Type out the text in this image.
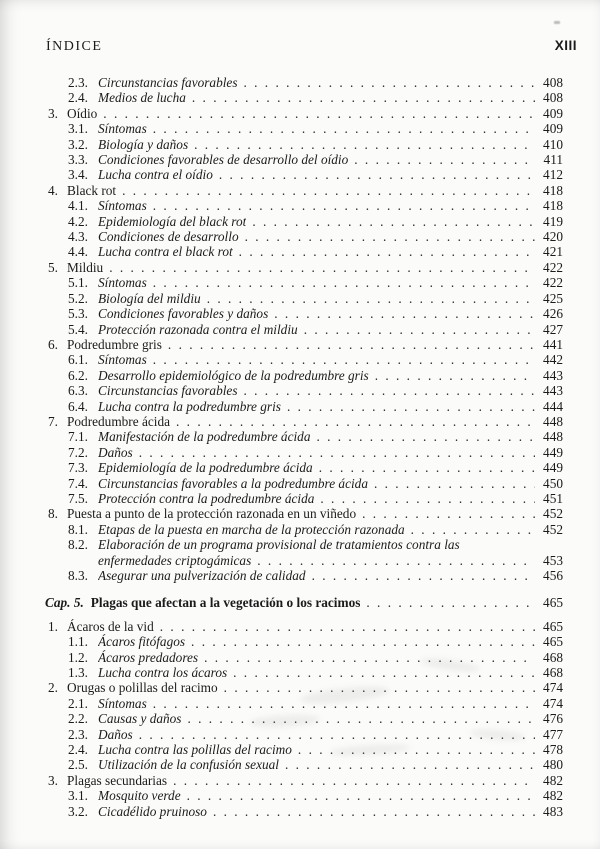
ÍNDICE	XIII
2.3. Circunstancias favorables . . .	408
2.4. Medios de lucha . . .	408
3. Oídio . . .	409
3.1. Síntomas . . .	409
3.2. Biología y daños . . .	410
3.3. Condiciones favorables de desarrollo del oídio . . .	411
3.4. Lucha contra el oídio . . .	412
4. Black rot . . .	418
4.1. Síntomas . . .	418
4.2. Epidemiología del black rot . . .	419
4.3. Condiciones de desarrollo . . .	420
4.4. Lucha contra el black rot . . .	421
5. Mildiu . . .	422
5.1. Síntomas . . .	422
5.2. Biología del mildiu . . .	425
5.3. Condiciones favorables y daños . . .	426
5.4. Protección razonada contra el mildiu . . .	427
6. Podredumbre gris . . .	441
6.1. Síntomas . . .	442
6.2. Desarrollo epidemiológico de la podredumbre gris . . .	443
6.3. Circunstancias favorables . . .	443
6.4. Lucha contra la podredumbre gris . . .	444
7. Podredumbre ácida . . .	448
7.1. Manifestación de la podredumbre ácida . . .	448
7.2. Daños . . .	449
7.3. Epidemiología de la podredumbre ácida . . .	449
7.4. Circunstancias favorables a la podredumbre ácida . . .	450
7.5. Protección contra la podredumbre ácida . . .	451
8. Puesta a punto de la protección razonada en un viñedo . . .	452
8.1. Etapas de la puesta en marcha de la protección razonada . . .	452
8.2. Elaboración de un programa provisional de tratamientos contra las
enfermedades criptogámicas . . .	453
8.3. Asegurar una pulverización de calidad . . .	456
Cap. 5. Plagas que afectan a la vegetación o los racimos . . .	465
1. Ácaros de la vid . . .	465
1.1. Ácaros fitófagos . . .	465
1.2. Ácaros predadores . . .	468
1.3. Lucha contra los ácaros . . .	468
2. Orugas o polillas del racimo . . .	474
2.1. Síntomas . . .	474
2.2. Causas y daños . . .	476
2.3. Daños . . .	477
2.4. Lucha contra las polillas del racimo . . .	478
2.5. Utilización de la confusión sexual . . .	480
3. Plagas secundarias . . .	482
3.1. Mosquito verde . . .	482
3.2. Cicadélido pruinoso . . .	483
